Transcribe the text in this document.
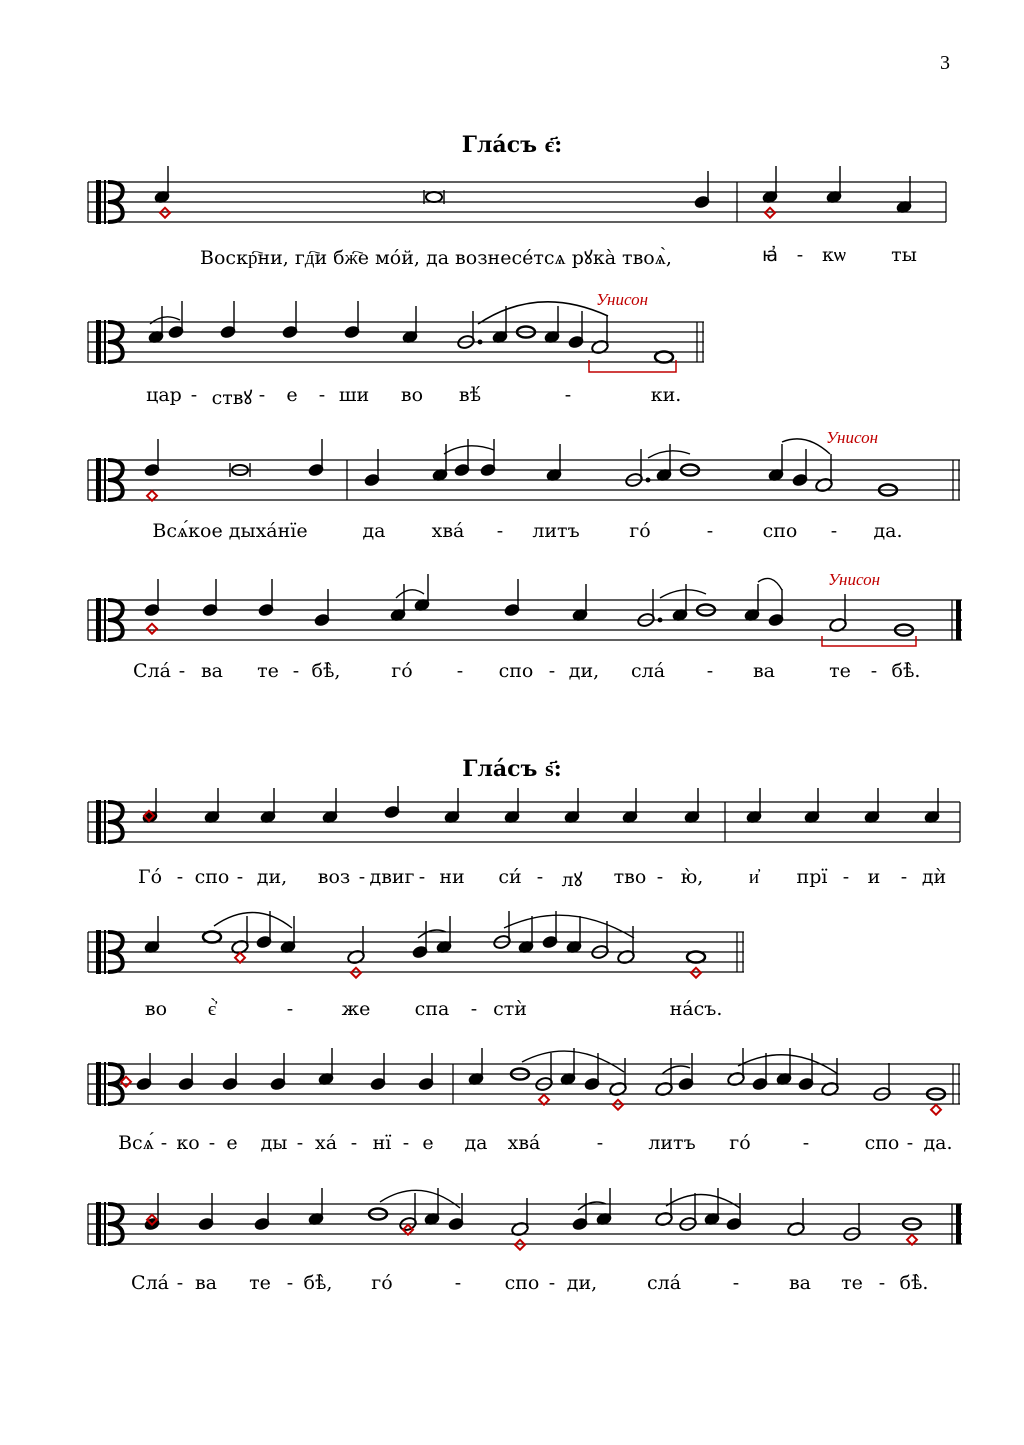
3
Гла́съ є҃:
Воскр҇ни, гд҇и бж҇е мо́й, да вознесе́тсѧ рꙋка̀ твоѧ̀,	ꙗ҆ - кѡ ты
Унисон
цар - ствꙋ - е - ши во вѣ́	-	ки.
Унисон
Всѧ́кое дыха́нїе	да хва́ - литъ	го́	-	спо - да.
Унисон
Сла́ - ва те - бѣ̀,	го́ - спо - ди, сла́ - ва	те - бѣ̀.
Гла́съ ѕ҃:
Го́ - спо - ди, воз - двиг - ни си́ - лꙋ тво - ю̀, и҆ прї - и - дѝ
во є҆̀	-	же спа - стѝ	на́съ.
Всѧ́ - ко - е ды - ха́ - нї - е да хва́	- литъ го́	-	спо - да.
Сла́ - ва те - бѣ̀, го́	- спо - ди,	сла́	-	ва те - бѣ̀.
